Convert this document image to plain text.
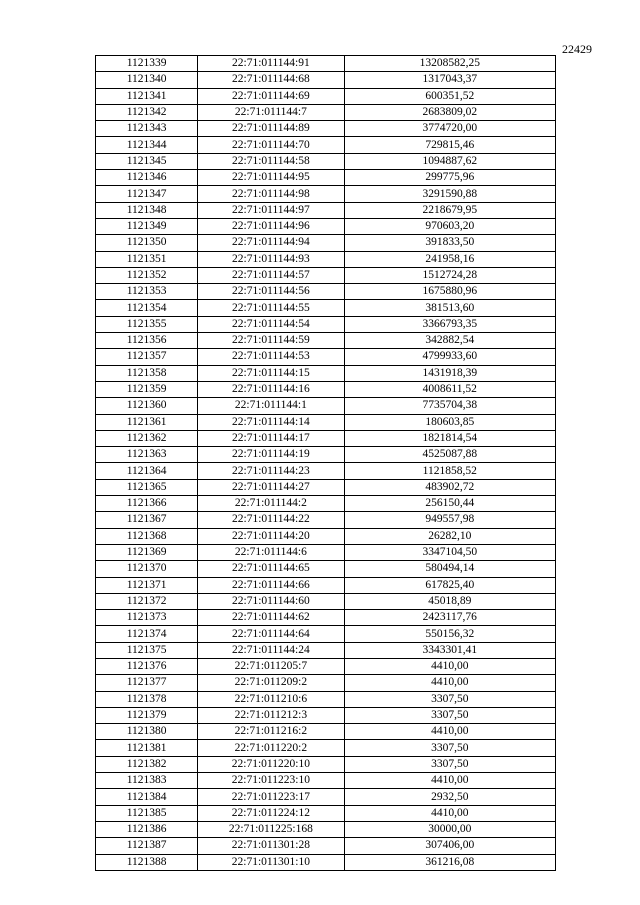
22429
1121339	22:71:011144:91	13208582,25
1121340	22:71:011144:68	1317043,37
1121341	22:71:011144:69	600351,52
1121342	22:71:011144:7	2683809,02
1121343	22:71:011144:89	3774720,00
1121344	22:71:011144:70	729815,46
1121345	22:71:011144:58	1094887,62
1121346	22:71:011144:95	299775,96
1121347	22:71:011144:98	3291590,88
1121348	22:71:011144:97	2218679,95
1121349	22:71:011144:96	970603,20
1121350	22:71:011144:94	391833,50
1121351	22:71:011144:93	241958,16
1121352	22:71:011144:57	1512724,28
1121353	22:71:011144:56	1675880,96
1121354	22:71:011144:55	381513,60
1121355	22:71:011144:54	3366793,35
1121356	22:71:011144:59	342882,54
1121357	22:71:011144:53	4799933,60
1121358	22:71:011144:15	1431918,39
1121359	22:71:011144:16	4008611,52
1121360	22:71:011144:1	7735704,38
1121361	22:71:011144:14	180603,85
1121362	22:71:011144:17	1821814,54
1121363	22:71:011144:19	4525087,88
1121364	22:71:011144:23	1121858,52
1121365	22:71:011144:27	483902,72
1121366	22:71:011144:2	256150,44
1121367	22:71:011144:22	949557,98
1121368	22:71:011144:20	26282,10
1121369	22:71:011144:6	3347104,50
1121370	22:71:011144:65	580494,14
1121371	22:71:011144:66	617825,40
1121372	22:71:011144:60	45018,89
1121373	22:71:011144:62	2423117,76
1121374	22:71:011144:64	550156,32
1121375	22:71:011144:24	3343301,41
1121376	22:71:011205:7	4410,00
1121377	22:71:011209:2	4410,00
1121378	22:71:011210:6	3307,50
1121379	22:71:011212:3	3307,50
1121380	22:71:011216:2	4410,00
1121381	22:71:011220:2	3307,50
1121382	22:71:011220:10	3307,50
1121383	22:71:011223:10	4410,00
1121384	22:71:011223:17	2932,50
1121385	22:71:011224:12	4410,00
1121386	22:71:011225:168	30000,00
1121387	22:71:011301:28	307406,00
1121388	22:71:011301:10	361216,08
